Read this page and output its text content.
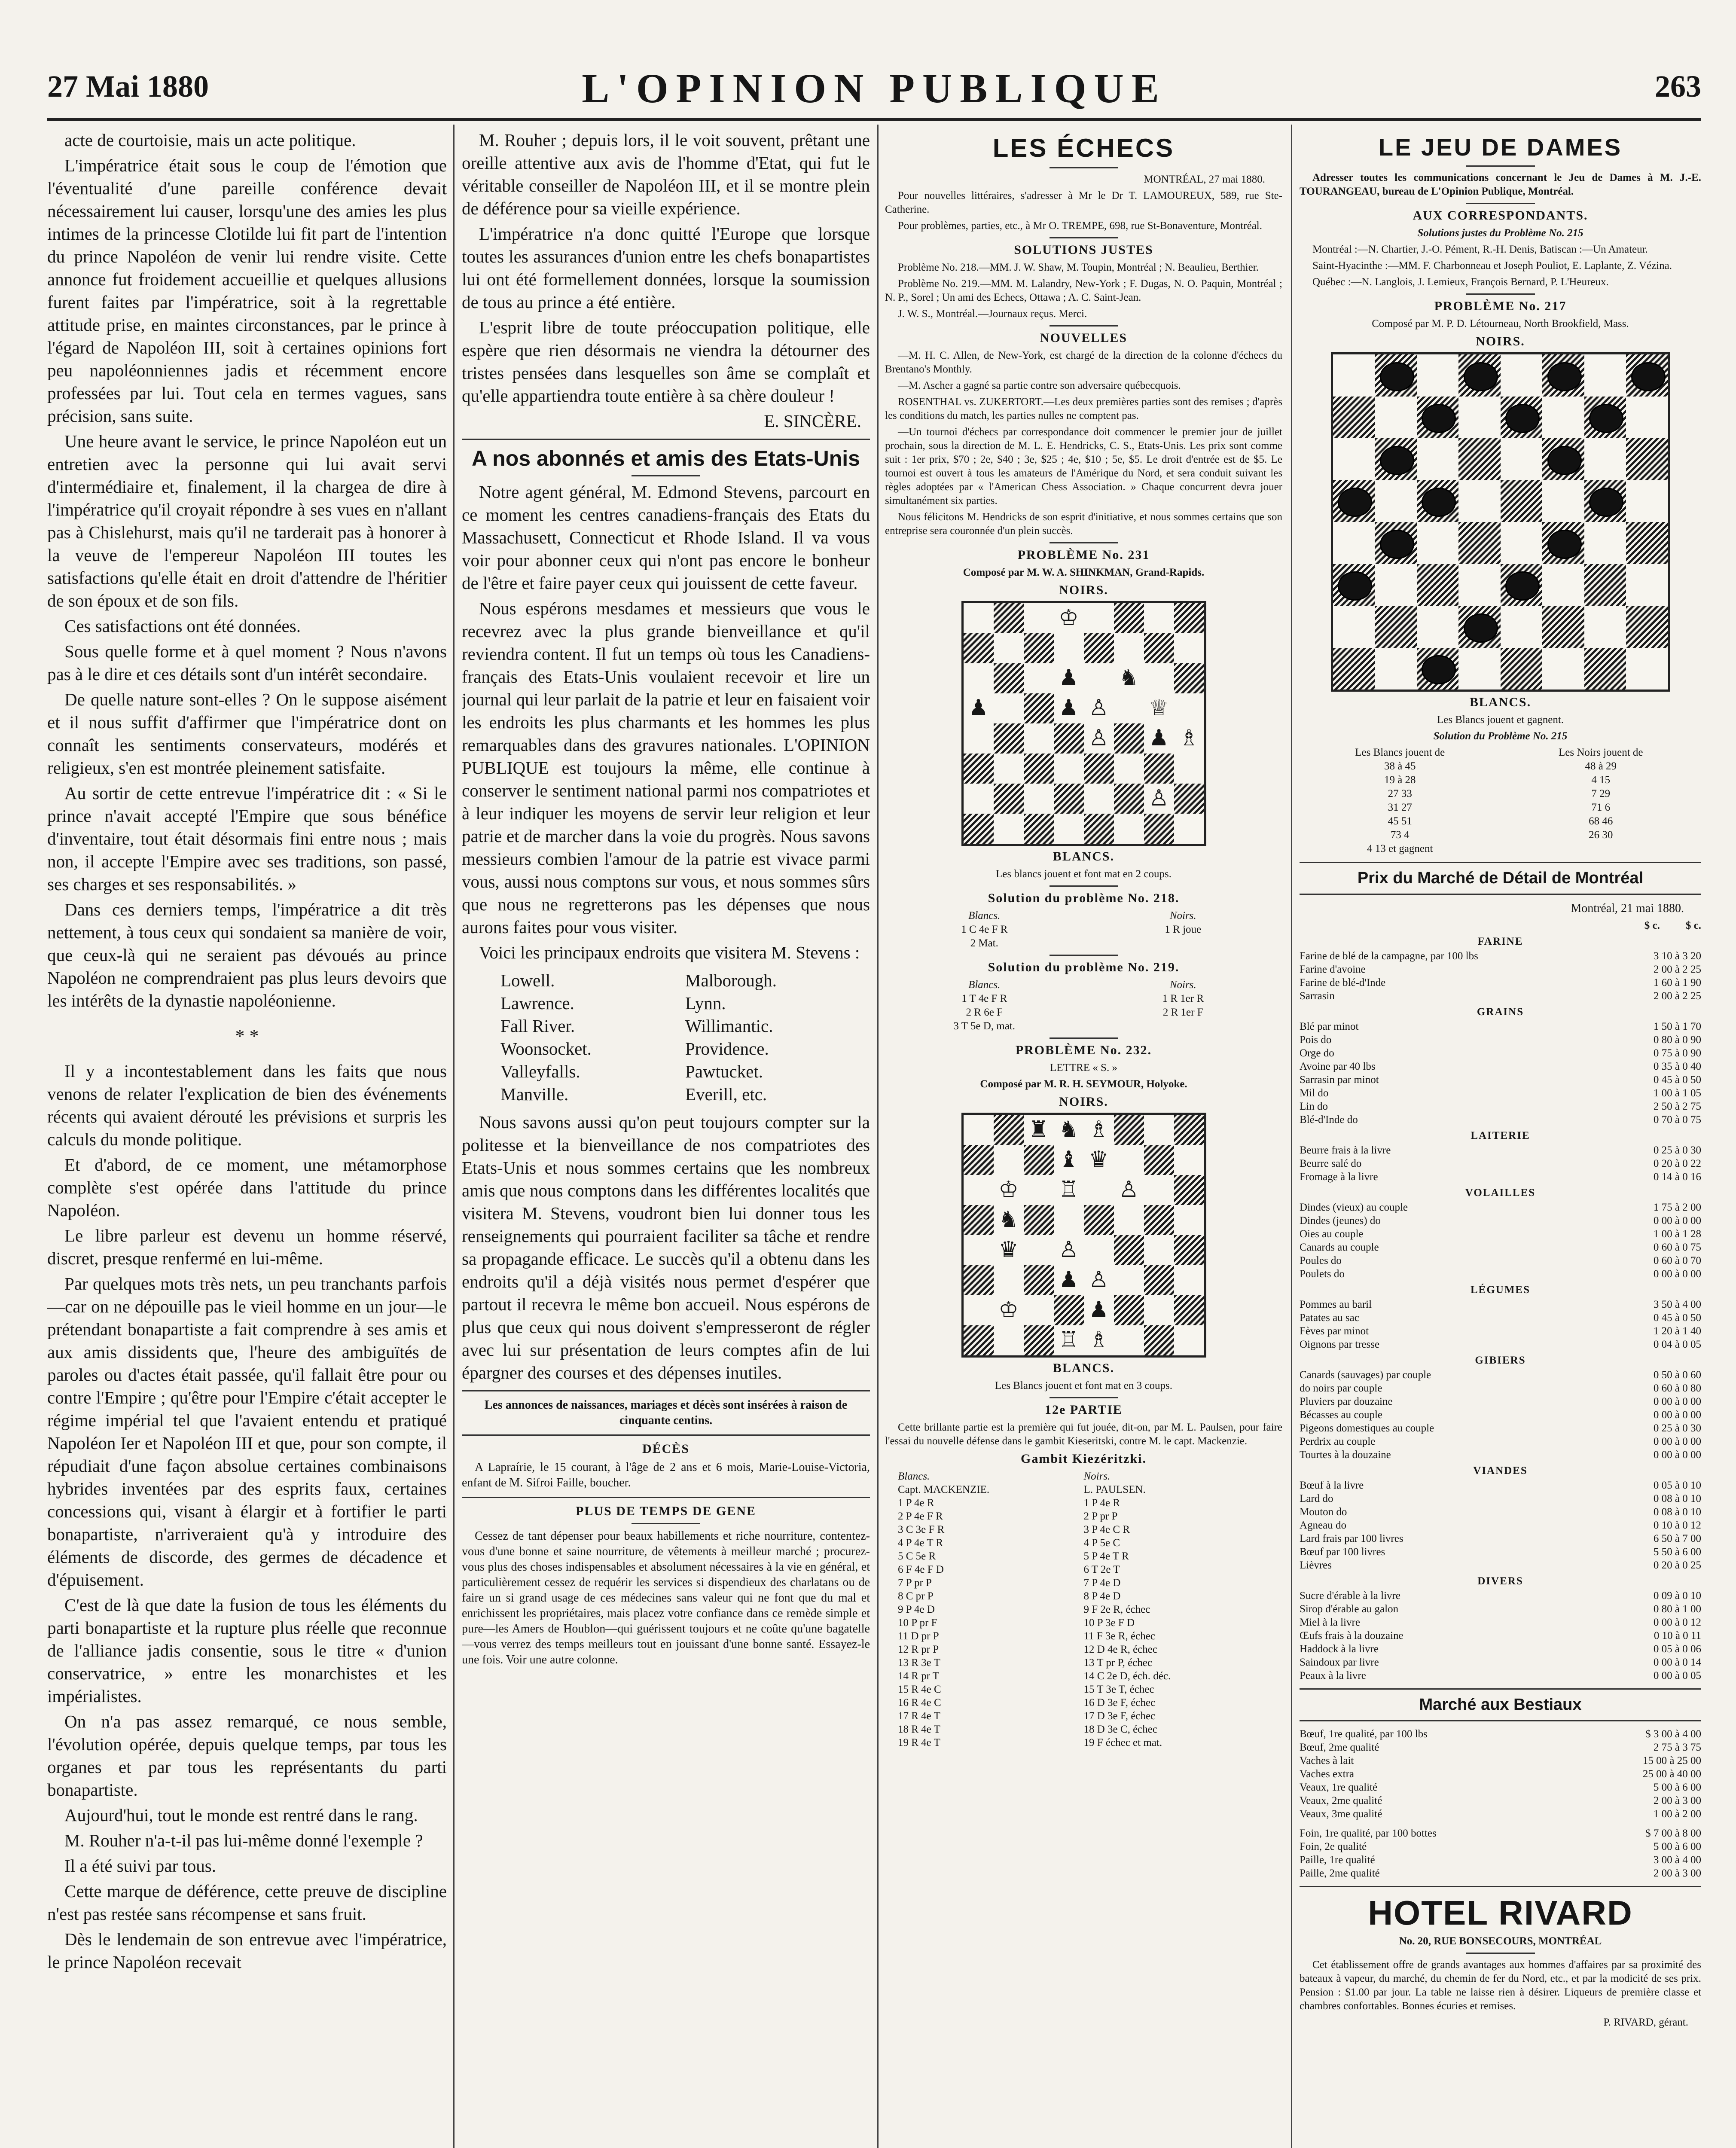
27 Mai 1880	L'OPINION PUBLIQUE	263

acte de courtoisie, mais un acte politique.

L'impératrice était sous le coup de l'émotion que l'éventualité d'une pareille conférence devait nécessairement lui causer, lorsqu'une des amies les plus intimes de la princesse Clotilde lui fit part de l'intention du prince Napoléon de venir lui rendre visite. Cette annonce fut froidement accueillie et quelques allusions furent faites par l'impératrice, soit à la regrettable attitude prise, en maintes circonstances, par le prince à l'égard de Napoléon III, soit à certaines opinions fort peu napoléonniennes jadis et récemment encore professées par lui. Tout cela en termes vagues, sans précision, sans suite.

Une heure avant le service, le prince Napoléon eut un entretien avec la personne qui lui avait servi d'intermédiaire et, finalement, il la chargea de dire à l'impératrice qu'il croyait répondre à ses vues en n'allant pas à Chislehurst, mais qu'il ne tarderait pas à honorer à la veuve de l'empereur Napoléon III toutes les satisfactions qu'elle était en droit d'attendre de l'héritier de son époux et de son fils.

Ces satisfactions ont été données.

Sous quelle forme et à quel moment ? Nous n'avons pas à le dire et ces détails sont d'un intérêt secondaire.

De quelle nature sont-elles ? On le suppose aisément et il nous suffit d'affirmer que l'impératrice dont on connaît les sentiments conservateurs, modérés et religieux, s'en est montrée pleinement satisfaite.

Au sortir de cette entrevue l'impératrice dit : « Si le prince n'avait accepté l'Empire que sous bénéfice d'inventaire, tout était désormais fini entre nous ; mais non, il accepte l'Empire avec ses traditions, son passé, ses charges et ses responsabilités. »

Dans ces derniers temps, l'impératrice a dit très nettement, à tous ceux qui sondaient sa manière de voir, que ceux-là qui ne seraient pas dévoués au prince Napoléon ne comprendraient pas plus leurs devoirs que les intérêts de la dynastie napoléonienne.

* *

Il y a incontestablement dans les faits que nous venons de relater l'explication de bien des événements récents qui avaient dérouté les prévisions et surpris les calculs du monde politique.

Et d'abord, de ce moment, une métamorphose complète s'est opérée dans l'attitude du prince Napoléon.

Le libre parleur est devenu un homme réservé, discret, presque renfermé en lui-même.

Par quelques mots très nets, un peu tranchants parfois—car on ne dépouille pas le vieil homme en un jour—le prétendant bonapartiste a fait comprendre à ses amis et aux amis dissidents que, l'heure des ambiguïtés de paroles ou d'actes était passée, qu'il fallait être pour ou contre l'Empire ; qu'être pour l'Empire c'était accepter le régime impérial tel que l'avaient entendu et pratiqué Napoléon Ier et Napoléon III et que, pour son compte, il répudiait d'une façon absolue certaines combinaisons hybrides inventées par des esprits faux, certaines concessions qui, visant à élargir et à fortifier le parti bonapartiste, n'arriveraient qu'à y introduire des éléments de discorde, des germes de décadence et d'épuisement.

C'est de là que date la fusion de tous les éléments du parti bonapartiste et la rupture plus réelle que reconnue de l'alliance jadis consentie, sous le titre « d'union conservatrice, » entre les monarchistes et les impérialistes.

On n'a pas assez remarqué, ce nous semble, l'évolution opérée, depuis quelque temps, par tous les organes et par tous les représentants du parti bonapartiste.

Aujourd'hui, tout le monde est rentré dans le rang.

M. Rouher n'a-t-il pas lui-même donné l'exemple ?

Il a été suivi par tous.

Cette marque de déférence, cette preuve de discipline n'est pas restée sans récompense et sans fruit.

Dès le lendemain de son entrevue avec l'impératrice, le prince Napoléon recevait

M. Rouher ; depuis lors, il le voit souvent, prêtant une oreille attentive aux avis de l'homme d'Etat, qui fut le véritable conseiller de Napoléon III, et il se montre plein de déférence pour sa vieille expérience.

L'impératrice n'a donc quitté l'Europe que lorsque toutes les assurances d'union entre les chefs bonapartistes lui ont été formellement données, lorsque la soumission de tous au prince a été entière.

L'esprit libre de toute préoccupation politique, elle espère que rien désormais ne viendra la détourner des tristes pensées dans lesquelles son âme se complaît et qu'elle appartiendra toute entière à sa chère douleur !

E. SINCÈRE.

A nos abonnés et amis des Etats-Unis

Notre agent général, M. Edmond Stevens, parcourt en ce moment les centres canadiens-français des Etats du Massachusett, Connecticut et Rhode Island. Il va vous voir pour abonner ceux qui n'ont pas encore le bonheur de l'être et faire payer ceux qui jouissent de cette faveur.

Nous espérons mesdames et messieurs que vous le recevrez avec la plus grande bienveillance et qu'il reviendra content. Il fut un temps où tous les Canadiens-français des Etats-Unis voulaient recevoir et lire un journal qui leur parlait de la patrie et leur en faisaient voir les endroits les plus charmants et les hommes les plus remarquables dans des gravures nationales. L'OPINION PUBLIQUE est toujours la même, elle continue à conserver le sentiment national parmi nos compatriotes et à leur indiquer les moyens de servir leur religion et leur patrie et de marcher dans la voie du progrès. Nous savons messieurs combien l'amour de la patrie est vivace parmi vous, aussi nous comptons sur vous, et nous sommes sûrs que nous ne regretterons pas les dépenses que nous aurons faites pour vous visiter.

Voici les principaux endroits que visitera M. Stevens :

Lowell.	Malborough.
Lawrence.	Lynn.
Fall River.	Willimantic.
Woonsocket.	Providence.
Valleyfalls.	Pawtucket.
Manville.	Everill, etc.

Nous savons aussi qu'on peut toujours compter sur la politesse et la bienveillance de nos compatriotes des Etats-Unis et nous sommes certains que les nombreux amis que nous comptons dans les différentes localités que visitera M. Stevens, voudront bien lui donner tous les renseignements qui pourraient faciliter sa tâche et rendre sa propagande efficace. Le succès qu'il a obtenu dans les endroits qu'il a déjà visités nous permet d'espérer que partout il recevra le même bon accueil. Nous espérons de plus que ceux qui nous doivent s'empresseront de régler avec lui sur présentation de leurs comptes afin de lui épargner des courses et des dépenses inutiles.

Les annonces de naissances, mariages et décès sont insérées à raison de cinquante centins.

DÉCÈS

A Lapraírie, le 15 courant, à l'âge de 2 ans et 6 mois, Marie-Louise-Victoria, enfant de M. Sifroi Faille, boucher.

PLUS DE TEMPS DE GENE

Cessez de tant dépenser pour beaux habillements et riche nourriture, contentez-vous d'une bonne et saine nourriture, de vêtements à meilleur marché ; procurez-vous plus des choses indispensables et absolument nécessaires à la vie en général, et particulièrement cessez de requérir les services si dispendieux des charlatans ou de faire un si grand usage de ces médecines sans valeur qui ne font que du mal et enrichissent les propriétaires, mais placez votre confiance dans ce remède simple et pure—les Amers de Houblon—qui guérissent toujours et ne coûte qu'une bagatelle—vous verrez des temps meilleurs tout en jouissant d'une bonne santé. Essayez-le une fois. Voir une autre colonne.

LES ÉCHECS

MONTRÉAL, 27 mai 1880.

Pour nouvelles littéraires, s'adresser à Mr le Dr T. LAMOUREUX, 589, rue Ste-Catherine.

Pour problèmes, parties, etc., à Mr O. TREMPE, 698, rue St-Bonaventure, Montréal.

SOLUTIONS JUSTES

Problème No. 218.—MM. J. W. Shaw, M. Toupin, Montréal ; N. Beaulieu, Berthier.

Problème No. 219.—MM. M. Lalandry, New-York ; F. Dugas, N. O. Paquin, Montréal ; N. P., Sorel ; Un ami des Echecs, Ottawa ; A. C. Saint-Jean.

J. W. S., Montréal.—Journaux reçus. Merci.

NOUVELLES

—M. H. C. Allen, de New-York, est chargé de la direction de la colonne d'échecs du Brentano's Monthly.

—M. Ascher a gagné sa partie contre son adversaire québecquois.

ROSENTHAL vs. ZUKERTORT.—Les deux premières parties sont des remises ; d'après les conditions du match, les parties nulles ne comptent pas.

—Un tournoi d'échecs par correspondance doit commencer le premier jour de juillet prochain, sous la direction de M. L. E. Hendricks, C. S., Etats-Unis. Les prix sont comme suit : 1er prix, $70 ; 2e, $40 ; 3e, $25 ; 4e, $10 ; 5e, $5. Le droit d'entrée est de $5. Le tournoi est ouvert à tous les amateurs de l'Amérique du Nord, et sera conduit suivant les règles adoptées par « l'American Chess Association. » Chaque concurrent devra jouer simultanément six parties.

Nous félicitons M. Hendricks de son esprit d'initiative, et nous sommes certains que son entreprise sera couronnée d'un plein succès.

PROBLÈME No. 231

Composé par M. W. A. SHINKMAN, Grand-Rapids.

NOIRS.
♔
♟ ♞
♟	♟ ♙ ♕
♙ ♟ ♗
♙
BLANCS.

Les blancs jouent et font mat en 2 coups.

Solution du problème No. 218.
Blancs.	Noirs.
1 C 4e F R	1 R joue
2 Mat.
Solution du problème No. 219.
Blancs.	Noirs.
1 T 4e F R	1 R 1er R
2 R 6e F	2 R 1er F
3 T 5e D, mat.
PROBLÈME No. 232.

LETTRE « S. »

Composé par M. R. H. SEYMOUR, Holyoke.

NOIRS.
♜ ♞ ♗
♝ ♛
♔ ♖ ♙
♞
♛ ♙
♟ ♙
♔	♟
♖ ♗
BLANCS.

Les Blancs jouent et font mat en 3 coups.

12e PARTIE

Cette brillante partie est la première qui fut jouée, dit-on, par M. L. Paulsen, pour faire l'essai du nouvelle défense dans le gambit Kieseritski, contre M. le capt. Mackenzie.

Gambit Kiezéritzki.
Blancs.	Noirs.
Capt. MACKENZIE.	L. PAULSEN.
1 P 4e R	1 P 4e R
2 P 4e F R	2 P pr P
3 C 3e F R	3 P 4e C R
4 P 4e T R	4 P 5e C
5 C 5e R	5 P 4e T R
6 F 4e F D	6 T 2e T
7 P pr P	7 P 4e D
8 C pr P	8 P 4e D
9 P 4e D	9 F 2e R, échec
10 P pr F	10 P 3e F D
11 D pr P	11 F 3e R, échec
12 R pr P	12 D 4e R, échec
13 R 3e T	13 T pr P, échec
14 R pr T	14 C 2e D, éch. déc.
15 R 4e C	15 T 3e T, échec
16 R 4e C	16 D 3e F, échec
17 R 4e T	17 D 3e F, échec
18 R 4e T	18 D 3e C, échec
19 R 4e T	19 F échec et mat.
LE JEU DE DAMES

Adresser toutes les communications concernant le Jeu de Dames à M. J.-E. TOURANGEAU, bureau de L'Opinion Publique, Montréal.

AUX CORRESPONDANTS.

Solutions justes du Problème No. 215

Montréal :—N. Chartier, J.-O. Pément, R.-H. Denis, Batiscan :—Un Amateur.

Saint-Hyacinthe :—MM. F. Charbonneau et Joseph Pouliot, E. Laplante, Z. Vézina.

Québec :—N. Langlois, J. Lemieux, François Bernard, P. L'Heureux.

PROBLÈME No. 217

Composé par M. P. D. Létourneau, North Brookfield, Mass.

NOIRS.
BLANCS.

Les Blancs jouent et gagnent.

Solution du Problème No. 215

Les Blancs jouent de	Les Noirs jouent de
38 à 45	48 à 29
19 à 28	4 15
27 33	7 29
31 27	71 6
45 51	68 46
73 4	26 30
4 13 et gagnent
Prix du Marché de Détail de Montréal

Montréal, 21 mai 1880.

$ c. $ c.
FARINE
Farine de blé de la campagne, par 100 lbs	3 10 à 3 20
Farine d'avoine	2 00 à 2 25
Farine de blé-d'Inde	1 60 à 1 90
Sarrasin	2 00 à 2 25
GRAINS
Blé par minot	1 50 à 1 70
Pois do	0 80 à 0 90
Orge do	0 75 à 0 90
Avoine par 40 lbs	0 35 à 0 40
Sarrasin par minot	0 45 à 0 50
Mil do	1 00 à 1 05
Lin do	2 50 à 2 75
Blé-d'Inde do	0 70 à 0 75
LAITERIE
Beurre frais à la livre	0 25 à 0 30
Beurre salé do	0 20 à 0 22
Fromage à la livre	0 14 à 0 16
VOLAILLES
Dindes (vieux) au couple	1 75 à 2 00
Dindes (jeunes) do	0 00 à 0 00
Oies au couple	1 00 à 1 28
Canards au couple	0 60 à 0 75
Poules do	0 60 à 0 70
Poulets do	0 00 à 0 00
LÉGUMES
Pommes au baril	3 50 à 4 00
Patates au sac	0 45 à 0 50
Fèves par minot	1 20 à 1 40
Oignons par tresse	0 04 à 0 05
GIBIERS
Canards (sauvages) par couple	0 50 à 0 60
do noirs par couple	0 60 à 0 80
Pluviers par douzaine	0 00 à 0 00
Bécasses au couple	0 00 à 0 00
Pigeons domestiques au couple	0 25 à 0 30
Perdrix au couple	0 00 à 0 00
Tourtes à la douzaine	0 00 à 0 00
VIANDES
Bœuf à la livre	0 05 à 0 10
Lard do	0 08 à 0 10
Mouton do	0 08 à 0 10
Agneau do	0 10 à 0 12
Lard frais par 100 livres	6 50 à 7 00
Bœuf par 100 livres	5 50 à 6 00
Lièvres	0 20 à 0 25
DIVERS
Sucre d'érable à la livre	0 09 à 0 10
Sirop d'érable au galon	0 80 à 1 00
Miel à la livre	0 00 à 0 12
Œufs frais à la douzaine	0 10 à 0 11
Haddock à la livre	0 05 à 0 06
Saindoux par livre	0 00 à 0 14
Peaux à la livre	0 00 à 0 05
Marché aux Bestiaux
Bœuf, 1re qualité, par 100 lbs	$ 3 00 à 4 00
Bœuf, 2me qualité	2 75 à 3 75
Vaches à lait	15 00 à 25 00
Vaches extra	25 00 à 40 00
Veaux, 1re qualité	5 00 à 6 00
Veaux, 2me qualité	2 00 à 3 00
Veaux, 3me qualité	1 00 à 2 00
Foin, 1re qualité, par 100 bottes	$ 7 00 à 8 00
Foin, 2e qualité	5 00 à 6 00
Paille, 1re qualité	3 00 à 4 00
Paille, 2me qualité	2 00 à 3 00
HOTEL RIVARD

No. 20, RUE BONSECOURS, MONTRÉAL

Cet établissement offre de grands avantages aux hommes d'affaires par sa proximité des bateaux à vapeur, du marché, du chemin de fer du Nord, etc., et par la modicité de ses prix. Pension : $1.00 par jour. La table ne laisse rien à désirer. Liqueurs de première classe et chambres confortables. Bonnes écuries et remises.

P. RIVARD, gérant.
